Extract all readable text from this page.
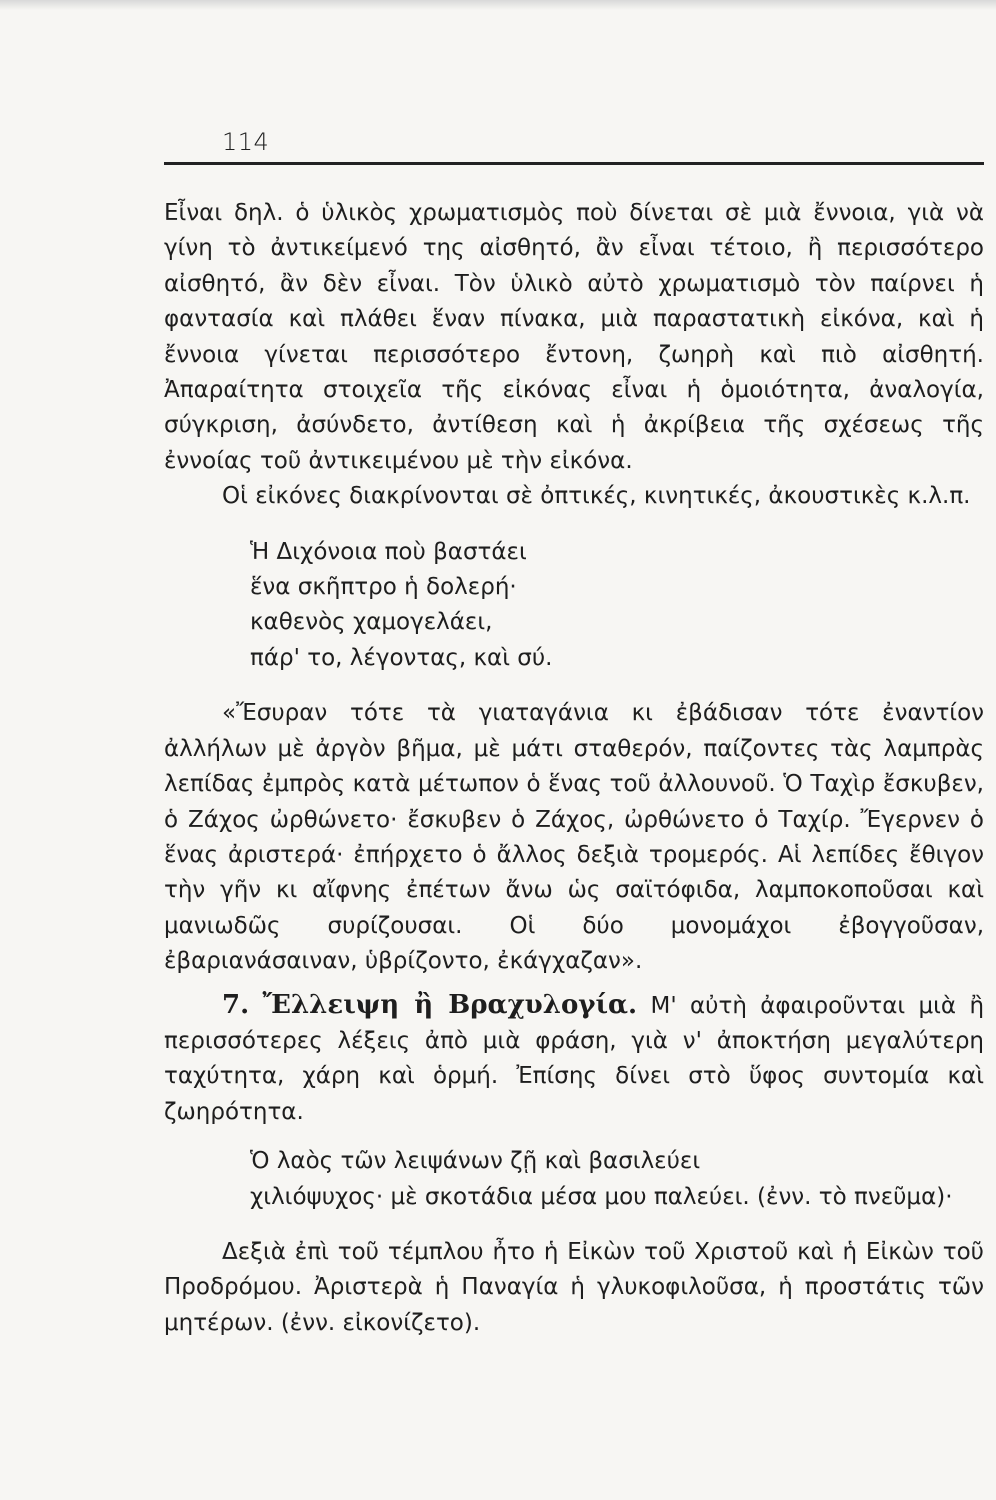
114

Εἶναι δηλ. ὁ ὑλικὸς χρωματισμὸς ποὺ δίνεται σὲ μιὰ ἔννοια, γιὰ νὰ γίνη τὸ ἀντικείμενό της αἰσθητό, ἂν εἶναι τέτοιο, ἢ περισσότερο αἰσθητό, ἂν δὲν εἶναι. Τὸν ὑλικὸ αὐτὸ χρωματισμὸ τὸν παίρνει ἡ φαντασία καὶ πλάθει ἕναν πίνακα, μιὰ παραστατικὴ εἰκόνα, καὶ ἡ ἔννοια γίνεται περισσότερο ἔντονη, ζωηρὴ καὶ πιὸ αἰσθητή. Ἀπαραίτητα στοιχεῖα τῆς εἰκόνας εἶναι ἡ ὁμοιότητα, ἀναλογία, σύγκριση, ἀσύνδετο, ἀντίθεση καὶ ἡ ἀκρίβεια τῆς σχέσεως τῆς ἐννοίας τοῦ ἀντικειμένου μὲ τὴν εἰκόνα.

Οἱ εἰκόνες διακρίνονται σὲ ὀπτικές, κινητικές, ἀκουστικὲς κ.λ.π.

Ἡ Διχόνοια ποὺ βαστάει
ἕνα σκῆπτρο ἡ δολερή·
καθενὸς χαμογελάει,
πάρ' το, λέγοντας, καὶ σύ.

«Ἔσυραν τότε τὰ γιαταγάνια κι ἐβάδισαν τότε ἐναντίον ἀλλήλων μὲ ἀργὸν βῆμα, μὲ μάτι σταθερόν, παίζοντες τὰς λαμπρὰς λεπίδας ἐμπρὸς κατὰ μέτωπον ὁ ἕνας τοῦ ἀλλουνοῦ. Ὁ Ταχὶρ ἔσκυβεν, ὁ Ζάχος ὠρθώνετο· ἔσκυβεν ὁ Ζάχος, ὠρθώνετο ὁ Ταχίρ. Ἔγερνεν ὁ ἕνας ἀριστερά· ἐπήρχετο ὁ ἄλλος δεξιὰ τρομερός. Αἱ λεπίδες ἔθιγον τὴν γῆν κι αἴφνης ἐπέτων ἄνω ὡς σαϊτόφιδα, λαμποκοποῦσαι καὶ μανιωδῶς συρίζουσαι. Οἱ δύο μονομάχοι ἐβογγοῦσαν, ἐβαριανάσαιναν, ὑβρίζοντο, ἐκάγχαζαν».

7. Ἔλλειψη ἢ Βραχυλογία. Μ' αὐτὴ ἀφαιροῦνται μιὰ ἢ περισσότερες λέξεις ἀπὸ μιὰ φράση, γιὰ ν' ἀποκτήση μεγαλύτερη ταχύτητα, χάρη καὶ ὁρμή. Ἐπίσης δίνει στὸ ὕφος συντομία καὶ ζωηρότητα.

Ὁ λαὸς τῶν λειψάνων ζῇ καὶ βασιλεύει
χιλιόψυχος· μὲ σκοτάδια μέσα μου παλεύει. (ἐνν. τὸ πνεῦμα)·

Δεξιὰ ἐπὶ τοῦ τέμπλου ἦτο ἡ Εἰκὼν τοῦ Χριστοῦ καὶ ἡ Εἰκὼν τοῦ Προδρόμου. Ἀριστερὰ ἡ Παναγία ἡ γλυκοφιλοῦσα, ἡ προστάτις τῶν μητέρων. (ἐνν. εἰκονίζετο).
